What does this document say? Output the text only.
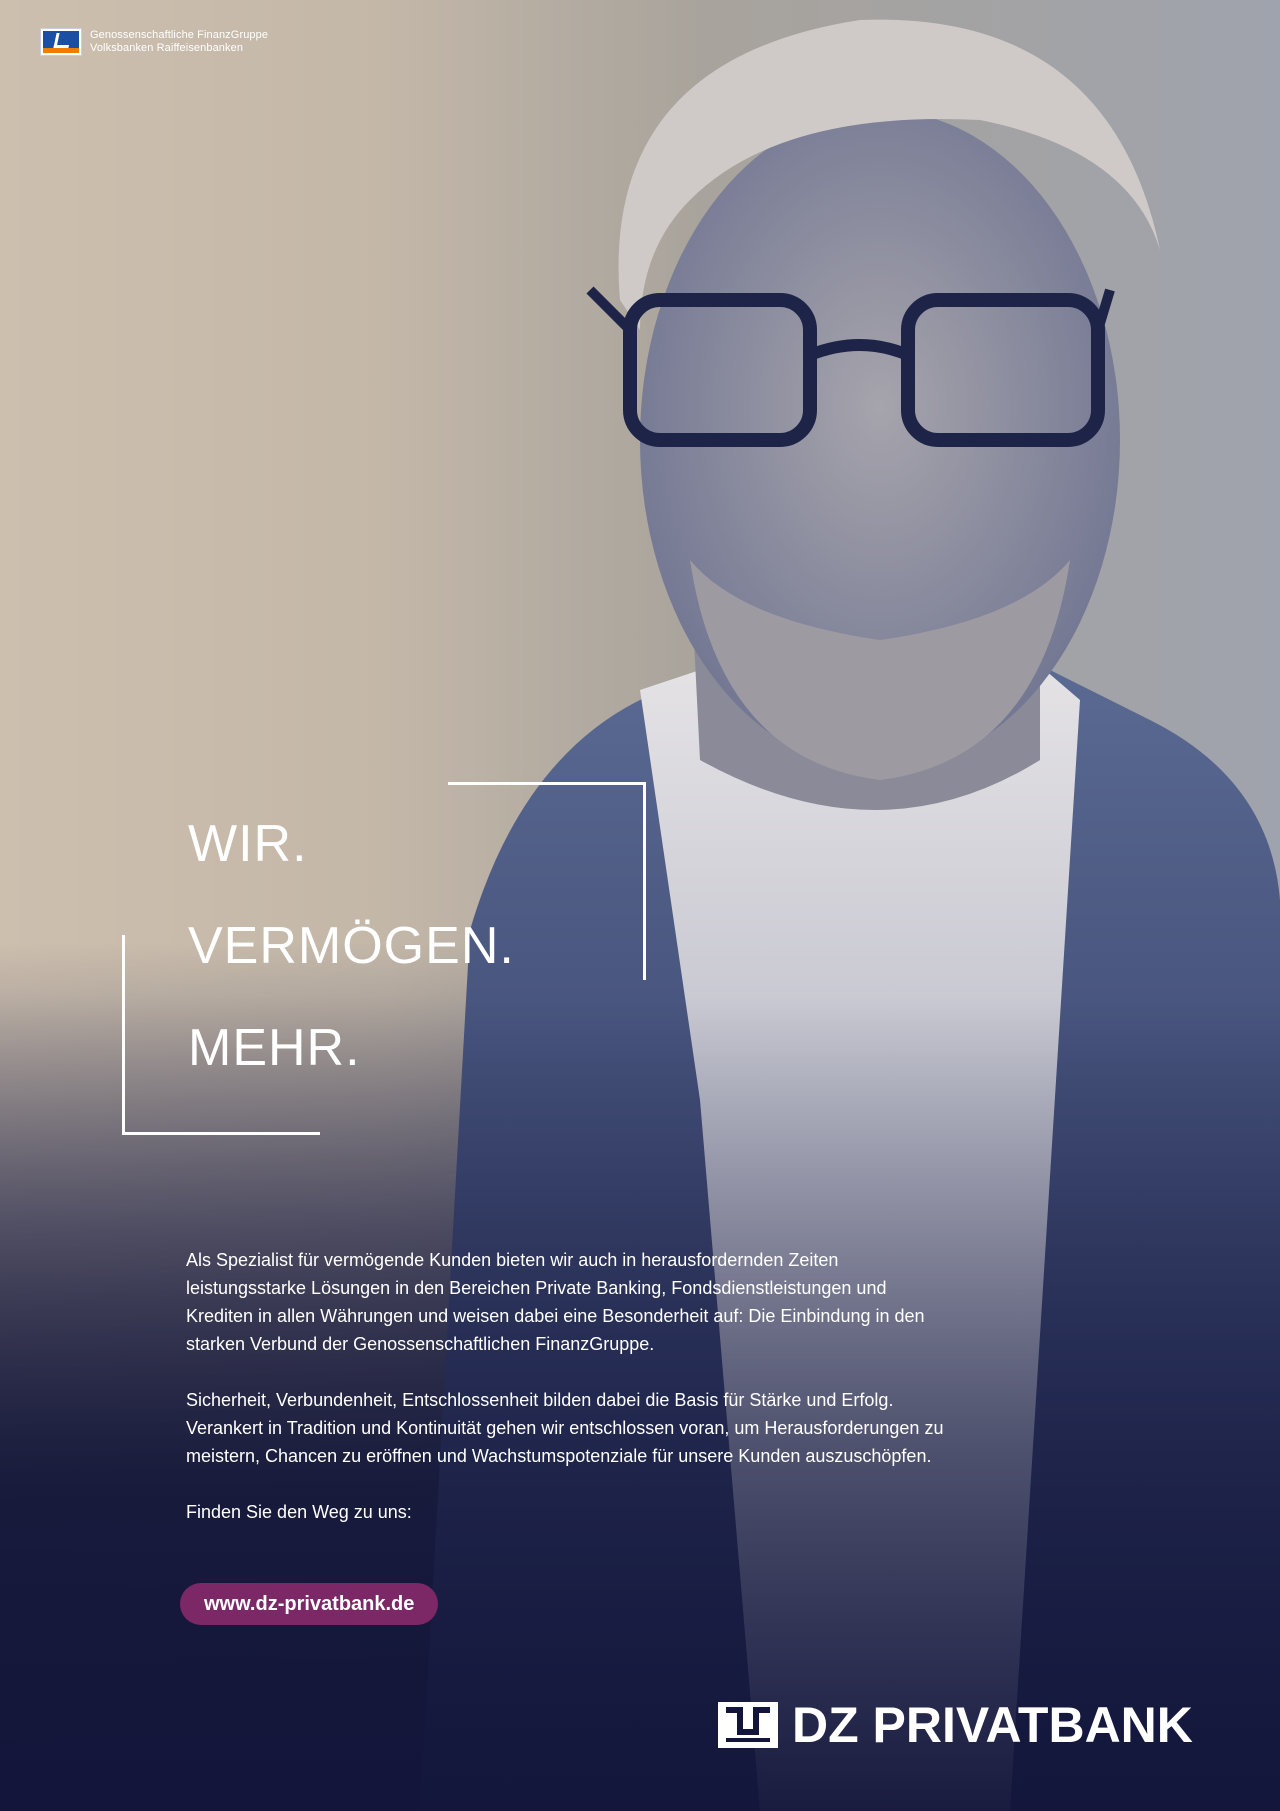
Genossenschaftliche FinanzGruppe
Volksbanken Raiffeisenbanken
WIR.
VERMÖGEN.
MEHR.

Als Spezialist für vermögende Kunden bieten wir auch in herausfordernden Zeiten leistungsstarke Lösungen in den Bereichen Private Banking, Fondsdienstleistungen und Krediten in allen Währungen und weisen dabei eine Besonderheit auf: Die Einbindung in den starken Verbund der Genossenschaftlichen FinanzGruppe.

Sicherheit, Verbundenheit, Entschlossenheit bilden dabei die Basis für Stärke und Erfolg. Verankert in Tradition und Kontinuität gehen wir entschlossen voran, um Herausforderungen zu meistern, Chancen zu eröffnen und Wachstumspotenziale für unsere Kunden auszuschöpfen.

Finden Sie den Weg zu uns:

www.dz-privatbank.de
DZ PRIVATBANK
